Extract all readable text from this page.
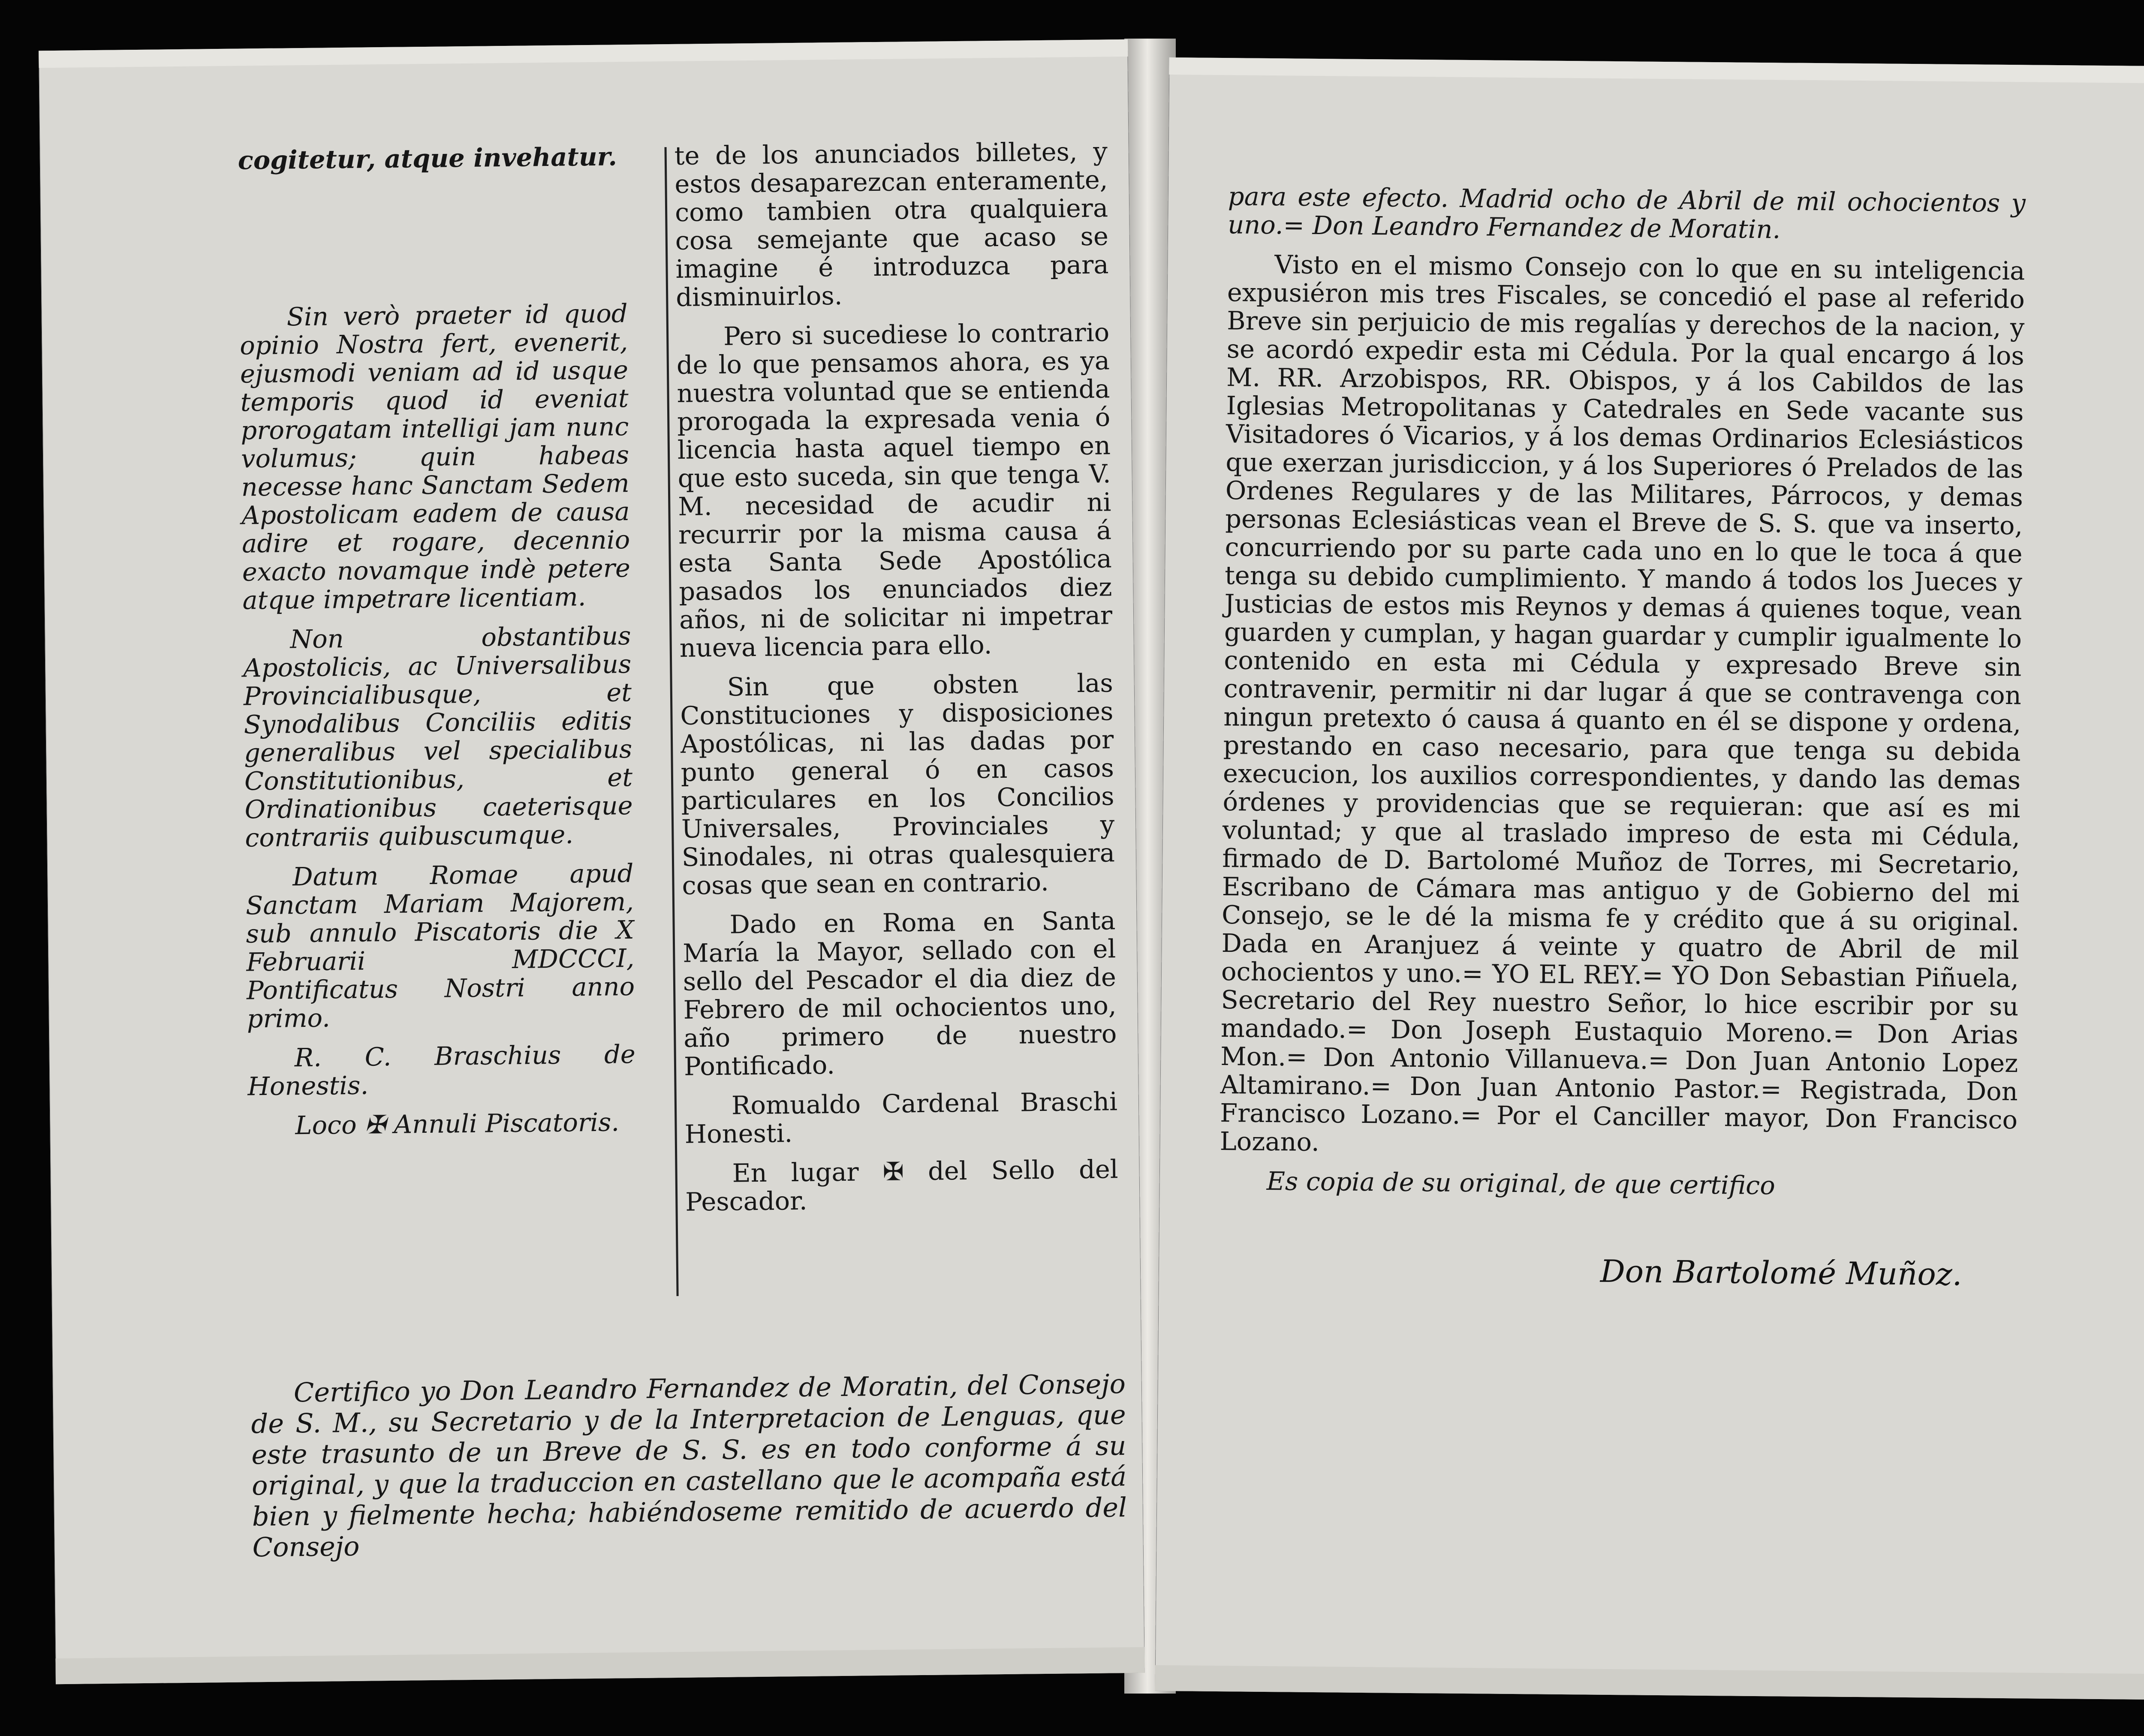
cogitetur, atque invehatur.

Sin verò praeter id quod opinio Nostra fert, evenerit, ejusmodi veniam ad id usque temporis quod id eveniat prorogatam intelligi jam nunc volumus; quin habeas necesse hanc Sanctam Sedem Apostolicam eadem de causa adire et rogare, decennio exacto novamque indè petere atque impetrare licentiam.

Non obstantibus Apostolicis, ac Universalibus Provincialibusque, et Synodalibus Conciliis editis generalibus vel specialibus Constitutionibus, et Ordinationibus caeterisque contrariis quibuscumque.

Datum Romae apud Sanctam Mariam Majorem, sub annulo Piscatoris die X Februarii MDCCCI, Pontificatus Nostri anno primo.

R. C. Braschius de Honestis.

Loco ✠ Annuli Piscatoris.

te de los anunciados billetes, y estos desaparezcan enteramente, como tambien otra qualquiera cosa semejante que acaso se imagine é introduzca para disminuirlos.

Pero si sucediese lo contrario de lo que pensamos ahora, es ya nuestra voluntad que se entienda prorogada la expresada venia ó licencia hasta aquel tiempo en que esto suceda, sin que tenga V. M. necesidad de acudir ni recurrir por la misma causa á esta Santa Sede Apostólica pasados los enunciados diez años, ni de solicitar ni impetrar nueva licencia para ello.

Sin que obsten las Constituciones y disposiciones Apostólicas, ni las dadas por punto general ó en casos particulares en los Concilios Universales, Provinciales y Sinodales, ni otras qualesquiera cosas que sean en contrario.

Dado en Roma en Santa María la Mayor, sellado con el sello del Pescador el dia diez de Febrero de mil ochocientos uno, año primero de nuestro Pontificado.

Romualdo Cardenal Braschi Honesti.

En lugar ✠ del Sello del Pescador.

Certifico yo Don Leandro Fernandez de Moratin, del Consejo de S. M., su Secretario y de la Interpretacion de Lenguas, que este trasunto de un Breve de S. S. es en todo conforme á su original, y que la traduccion en castellano que le acompaña está bien y fielmente hecha; habiéndoseme remitido de acuerdo del Consejo

para este efecto. Madrid ocho de Abril de mil ochocientos y uno.= Don Leandro Fernandez de Moratin.

Visto en el mismo Consejo con lo que en su inteligencia expusiéron mis tres Fiscales, se concedió el pase al referido Breve sin perjuicio de mis regalías y derechos de la nacion, y se acordó expedir esta mi Cédula. Por la qual encargo á los M. RR. Arzobispos, RR. Obispos, y á los Cabildos de las Iglesias Metropolitanas y Catedrales en Sede vacante sus Visitadores ó Vicarios, y á los demas Ordinarios Eclesiásticos que exerzan jurisdiccion, y á los Superiores ó Prelados de las Ordenes Regulares y de las Militares, Párrocos, y demas personas Eclesiásticas vean el Breve de S. S. que va inserto, concurriendo por su parte cada uno en lo que le toca á que tenga su debido cumplimiento. Y mando á todos los Jueces y Justicias de estos mis Reynos y demas á quienes toque, vean guarden y cumplan, y hagan guardar y cumplir igualmente lo contenido en esta mi Cédula y expresado Breve sin contravenir, permitir ni dar lugar á que se contravenga con ningun pretexto ó causa á quanto en él se dispone y ordena, prestando en caso necesario, para que tenga su debida execucion, los auxilios correspondientes, y dando las demas órdenes y providencias que se requieran: que así es mi voluntad; y que al traslado impreso de esta mi Cédula, firmado de D. Bartolomé Muñoz de Torres, mi Secretario, Escribano de Cámara mas antiguo y de Gobierno del mi Consejo, se le dé la misma fe y crédito que á su original. Dada en Aranjuez á veinte y quatro de Abril de mil ochocientos y uno.= YO EL REY.= YO Don Sebastian Piñuela, Secretario del Rey nuestro Señor, lo hice escribir por su mandado.= Don Joseph Eustaquio Moreno.= Don Arias Mon.= Don Antonio Villanueva.= Don Juan Antonio Lopez Altamirano.= Don Juan Antonio Pastor.= Registrada, Don Francisco Lozano.= Por el Canciller mayor, Don Francisco Lozano.

Es copia de su original, de que certifico

Don Bartolomé Muñoz.
